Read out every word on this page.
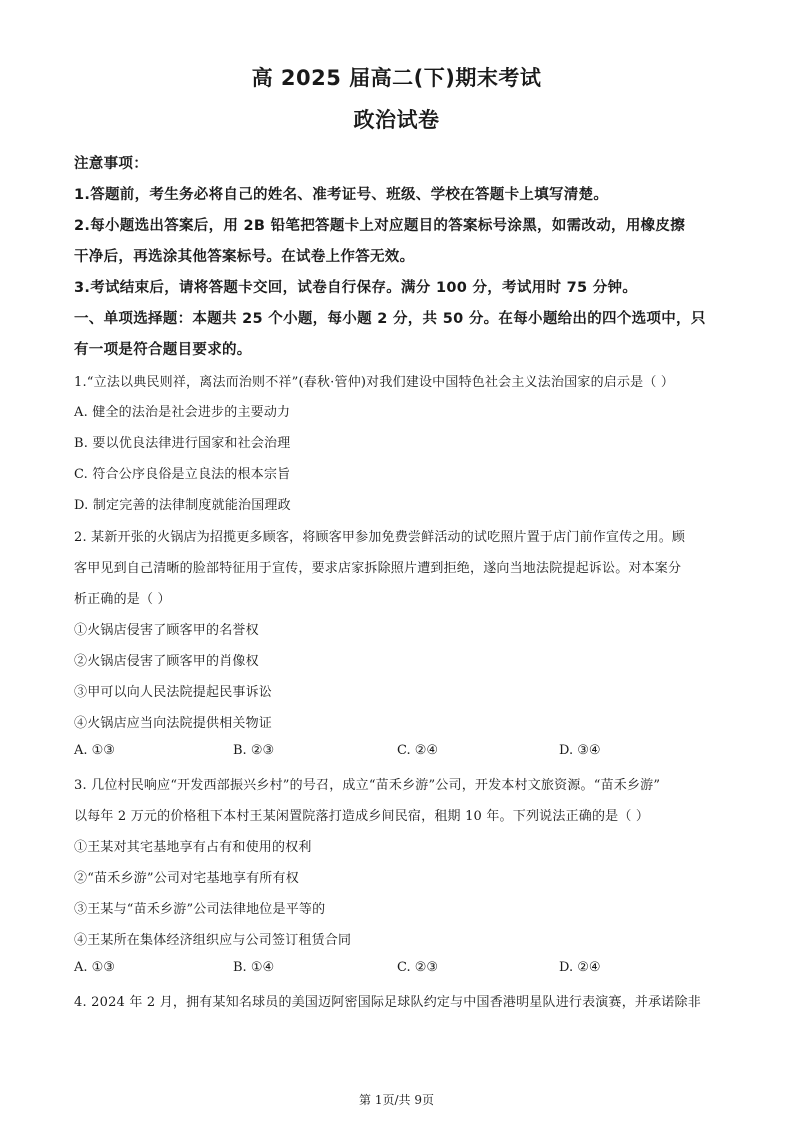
高 2025 届高二(下)期末考试
政治试卷
注意事项：
1.答题前，考生务必将自己的姓名、准考证号、班级、学校在答题卡上填写清楚。
2.每小题选出答案后，用 2B 铅笔把答题卡上对应题目的答案标号涂黑，如需改动，用橡皮擦
干净后，再选涂其他答案标号。在试卷上作答无效。
3.考试结束后，请将答题卡交回，试卷自行保存。满分 100 分，考试用时 75 分钟。
一、单项选择题：本题共 25 个小题，每小题 2 分，共 50 分。在每小题给出的四个选项中，只
有一项是符合题目要求的。
1.“立法以典民则祥，离法而治则不祥”(春秋·管仲)对我们建设中国特色社会主义法治国家的启示是（ ）
A. 健全的法治是社会进步的主要动力
B. 要以优良法律进行国家和社会治理
C. 符合公序良俗是立良法的根本宗旨
D. 制定完善的法律制度就能治国理政
2. 某新开张的火锅店为招揽更多顾客，将顾客甲参加免费尝鲜活动的试吃照片置于店门前作宣传之用。顾
客甲见到自己清晰的脸部特征用于宣传，要求店家拆除照片遭到拒绝，遂向当地法院提起诉讼。对本案分
析正确的是（ ）
①火锅店侵害了顾客甲的名誉权
②火锅店侵害了顾客甲的肖像权
③甲可以向人民法院提起民事诉讼
④火锅店应当向法院提供相关物证
A. ①③	B. ②③	C. ②④	D. ③④
3. 几位村民响应“开发西部振兴乡村”的号召，成立“苗禾乡游”公司，开发本村文旅资源。“苗禾乡游”
以每年 2 万元的价格租下本村王某闲置院落打造成乡间民宿，租期 10 年。下列说法正确的是（ ）
①王某对其宅基地享有占有和使用的权利
②“苗禾乡游”公司对宅基地享有所有权
③王某与“苗禾乡游”公司法律地位是平等的
④王某所在集体经济组织应与公司签订租赁合同
A. ①③	B. ①④	C. ②③	D. ②④
4. 2024 年 2 月，拥有某知名球员的美国迈阿密国际足球队约定与中国香港明星队进行表演赛，并承诺除非
第 1页/共 9页
